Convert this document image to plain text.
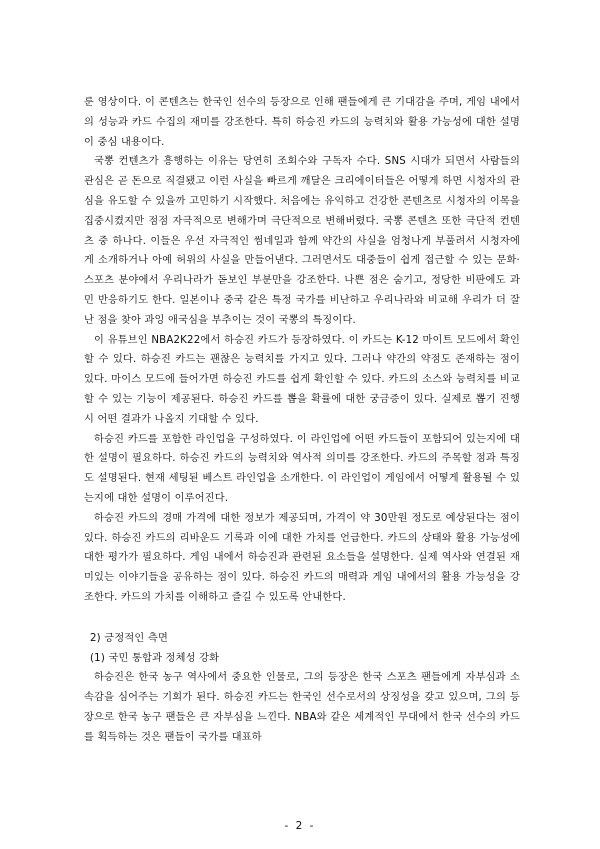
룬 영상이다. 이 콘텐츠는 한국인 선수의 등장으로 인해 팬들에게 큰 기대감을 주며, 게임 내에서의 성능과 카드 수집의 재미를 강조한다. 특히 하승진 카드의 능력치와 활용 가능성에 대한 설명이 중심 내용이다.

국뽕 컨텐츠가 흥행하는 이유는 당연히 조회수와 구독자 수다. SNS 시대가 되면서 사람들의 관심은 곧 돈으로 직결됐고 이런 사실을 빠르게 깨달은 크리에이터들은 어떻게 하면 시청자의 관심을 유도할 수 있을까 고민하기 시작했다. 처음에는 유익하고 건강한 콘텐츠로 시청자의 이목을 집중시켰지만 점점 자극적으로 변해가며 극단적으로 변해버렸다. 국뽕 콘텐츠 또한 극단적 컨텐츠 중 하나다. 이들은 우선 자극적인 썸네일과 함께 약간의 사실을 엄청나게 부풀려서 시청자에게 소개하거나 아예 허위의 사실을 만들어낸다. 그러면서도 대중들이 쉽게 접근할 수 있는 문화·스포츠 분야에서 우리나라가 돋보인 부분만을 강조한다. 나쁜 점은 숨기고, 정당한 비판에도 과민 반응하기도 한다. 일본이나 중국 같은 특정 국가를 비난하고 우리나라와 비교해 우리가 더 잘난 점을 찾아 과잉 애국심을 부추이는 것이 국뽕의 특징이다.

이 유튜브인 NBA2K22에서 하승진 카드가 등장하였다. 이 카드는 K-12 마이트 모드에서 확인할 수 있다. 하승진 카드는 괜찮은 능력치를 가지고 있다. 그러나 약간의 약점도 존재하는 점이 있다. 마이스 모드에 들어가면 하승진 카드를 쉽게 확인할 수 있다. 카드의 소스와 능력치를 비교할 수 있는 기능이 제공된다. 하승진 카드를 뽑을 확률에 대한 궁금증이 있다. 실제로 뽑기 진행 시 어떤 결과가 나올지 기대할 수 있다.

하승진 카드를 포함한 라인업을 구성하였다. 이 라인업에 어떤 카드들이 포함되어 있는지에 대한 설명이 필요하다. 하승진 카드의 능력치와 역사적 의미를 강조한다. 카드의 주목할 점과 특징도 설명된다. 현재 세팅된 베스트 라인업을 소개한다. 이 라인업이 게임에서 어떻게 활용될 수 있는지에 대한 설명이 이루어진다.

하승진 카드의 경매 가격에 대한 정보가 제공되며, 가격이 약 30만원 정도로 예상된다는 점이 있다. 하승진 카드의 리바운드 기록과 이에 대한 가치를 언급한다. 카드의 상태와 활용 가능성에 대한 평가가 필요하다. 게임 내에서 하승진과 관련된 요소들을 설명한다. 실제 역사와 연결된 재미있는 이야기들을 공유하는 점이 있다. 하승진 카드의 매력과 게임 내에서의 활용 가능성을 강조한다. 카드의 가치를 이해하고 즐길 수 있도록 안내한다.

2) 긍정적인 측면

(1) 국민 통합과 정체성 강화

하승진은 한국 농구 역사에서 중요한 인물로, 그의 등장은 한국 스포츠 팬들에게 자부심과 소속감을 심어주는 기회가 된다. 하승진 카드는 한국인 선수로서의 상징성을 갖고 있으며, 그의 등장으로 한국 농구 팬들은 큰 자부심을 느낀다. NBA와 같은 세계적인 무대에서 한국 선수의 카드를 획득하는 것은 팬들이 국가를 대표하

- 2 -
